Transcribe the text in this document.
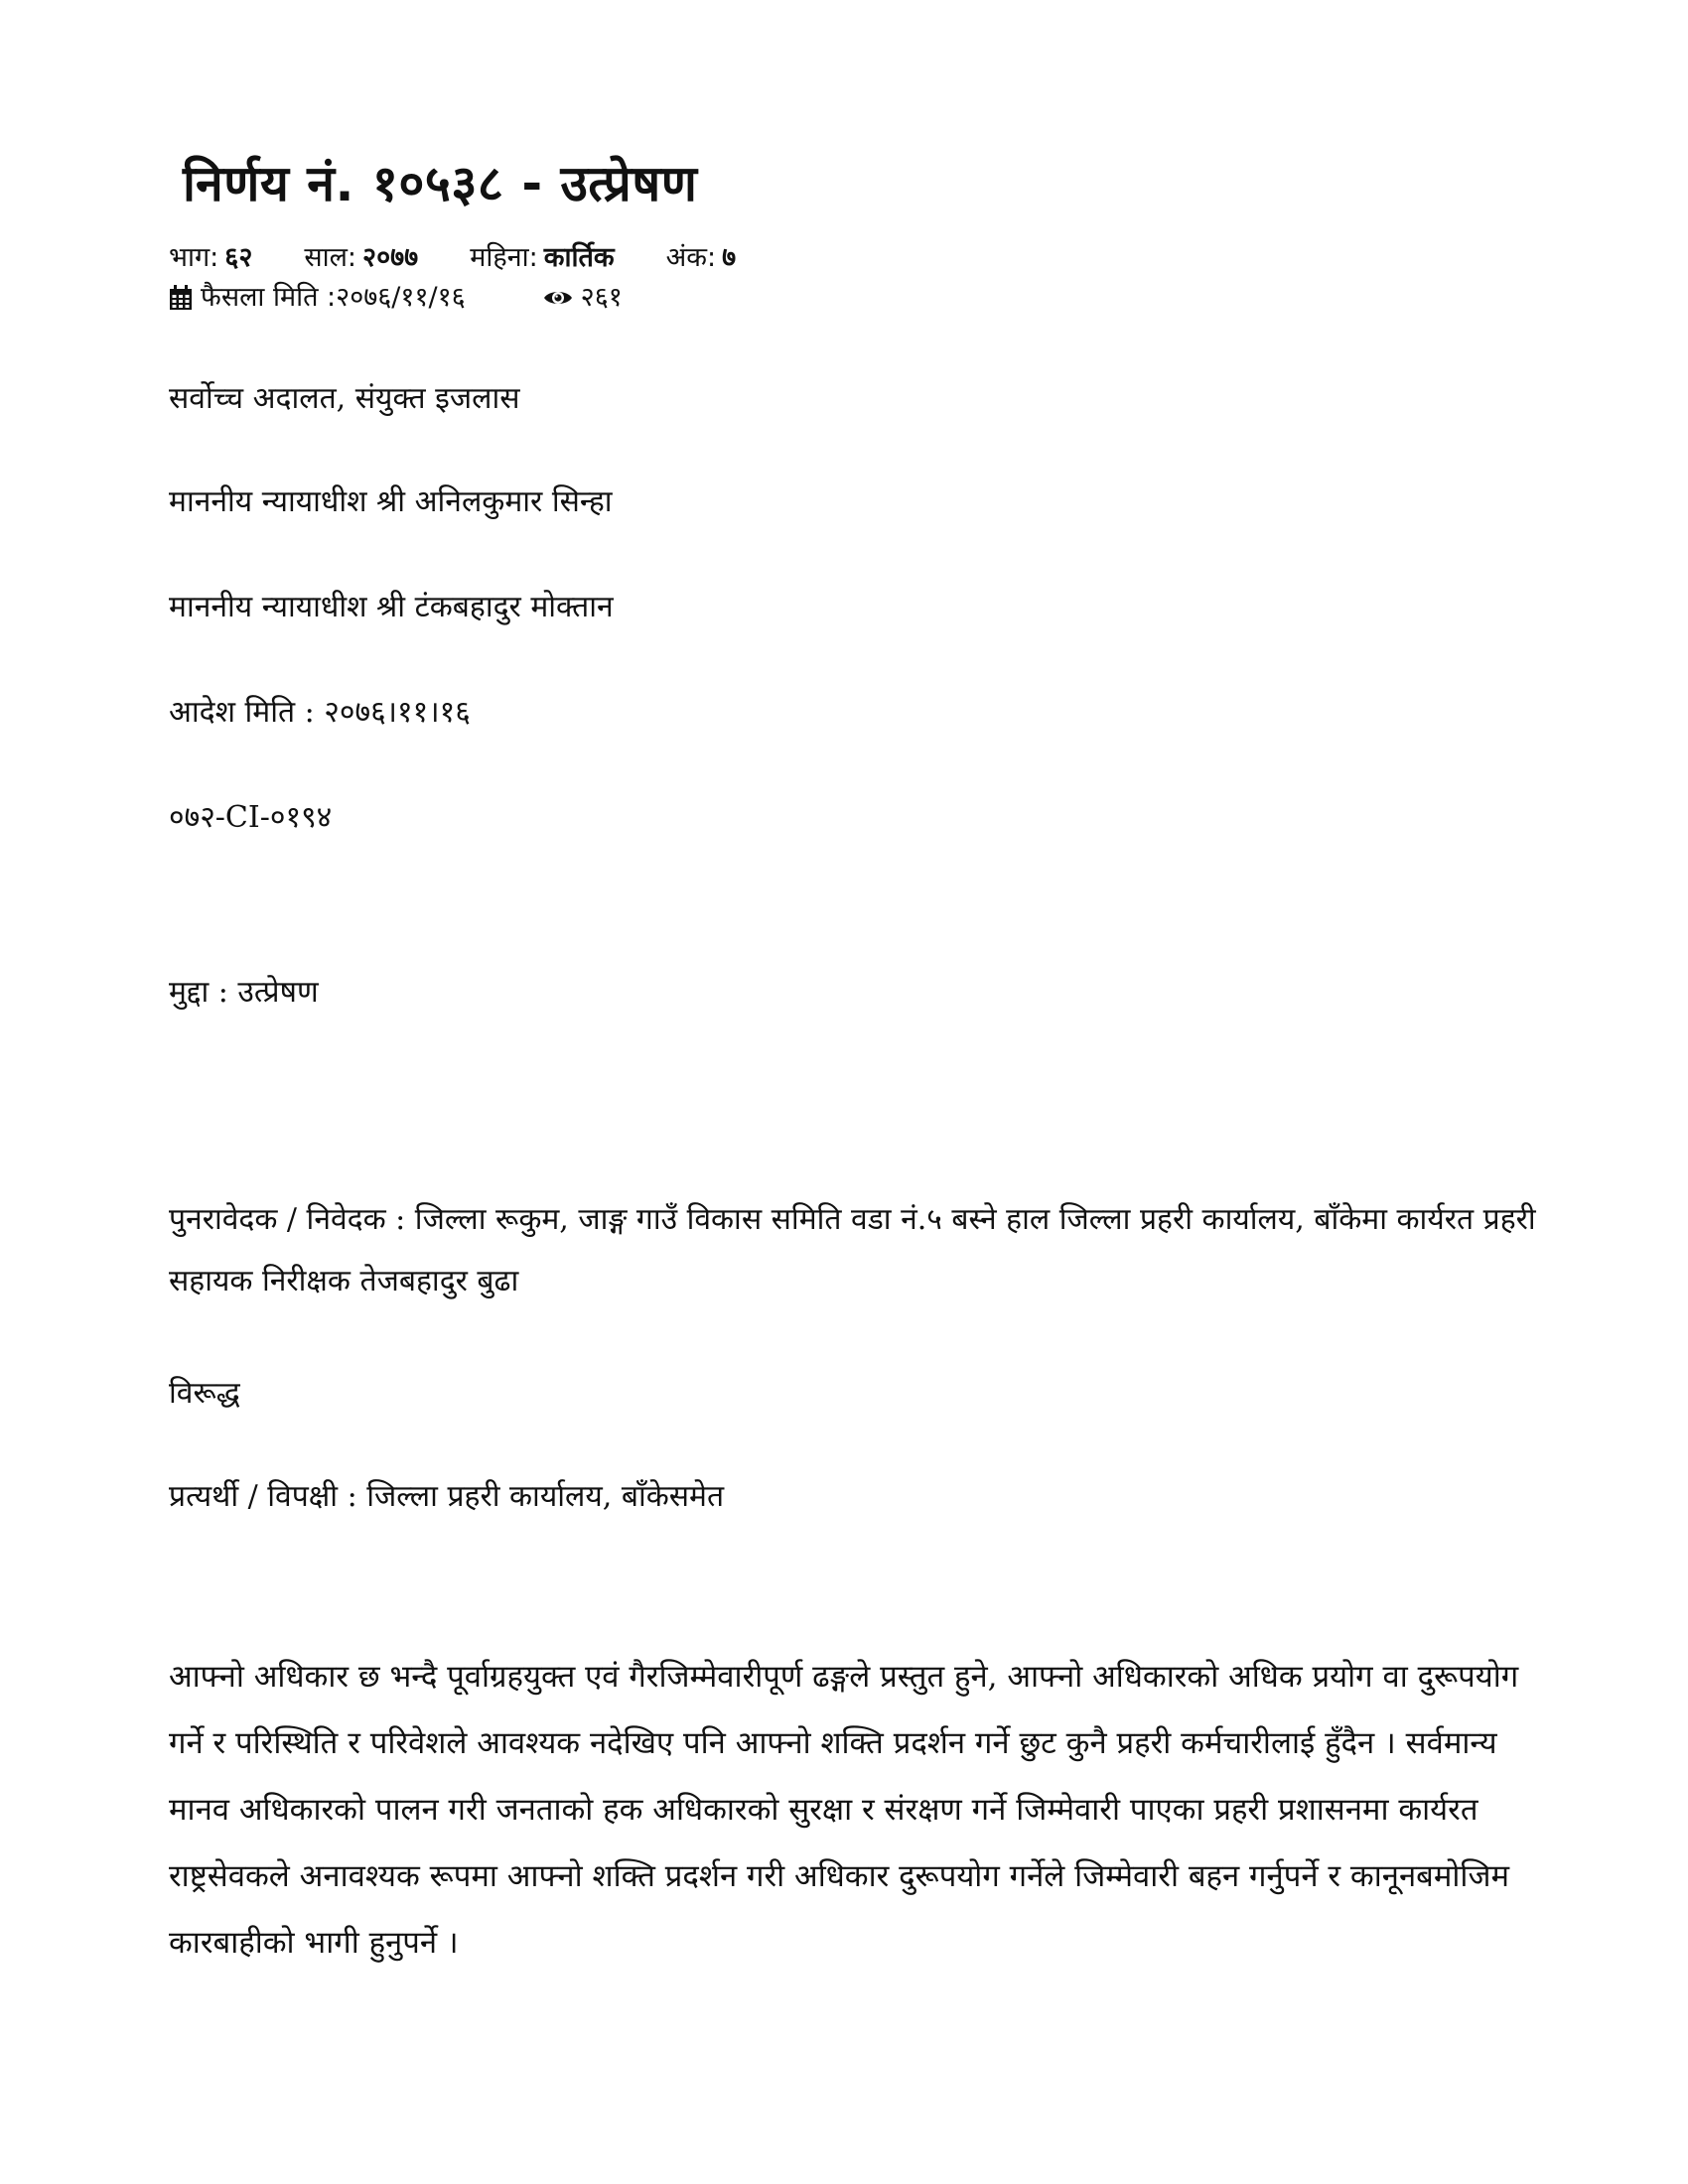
निर्णय नं. १०५३८ - उत्प्रेषण
भाग: ६२ साल: २०७७ महिना: कार्तिक अंक: ७
फैसला मिति :२०७६/११/१६	२६१

सर्वोच्च अदालत, संयुक्त इजलास

माननीय न्यायाधीश श्री अनिलकुमार सिन्हा

माननीय न्यायाधीश श्री टंकबहादुर मोक्तान

आदेश मिति : २०७६।११।१६

०७२-CI-०१९४

मुद्दा : उत्प्रेषण

पुनरावेदक / निवेदक : जिल्ला रूकुम, जाङ्ग गाउँ विकास समिति वडा नं.५ बस्ने हाल जिल्ला प्रहरी कार्यालय, बाँकेमा कार्यरत प्रहरी सहायक निरीक्षक तेजबहादुर बुढा

विरूद्ध

प्रत्यर्थी / विपक्षी : जिल्ला प्रहरी कार्यालय, बाँकेसमेत

आफ्नो अधिकार छ भन्दै पूर्वाग्रहयुक्त एवं गैरजिम्मेवारीपूर्ण ढङ्गले प्रस्तुत हुने, आफ्नो अधिकारको अधिक प्रयोग वा दुरूपयोग गर्ने र परिस्थिति र परिवेशले आवश्यक नदेखिए पनि आफ्नो शक्ति प्रदर्शन गर्ने छुट कुनै प्रहरी कर्मचारीलाई हुँदैन । सर्वमान्य मानव अधिकारको पालन गरी जनताको हक अधिकारको सुरक्षा र संरक्षण गर्ने जिम्मेवारी पाएका प्रहरी प्रशासनमा कार्यरत राष्ट्रसेवकले अनावश्यक रूपमा आफ्नो शक्ति प्रदर्शन गरी अधिकार दुरूपयोग गर्नेले जिम्मेवारी बहन गर्नुपर्ने र कानूनबमोजिम कारबाहीको भागी हुनुपर्ने ।
